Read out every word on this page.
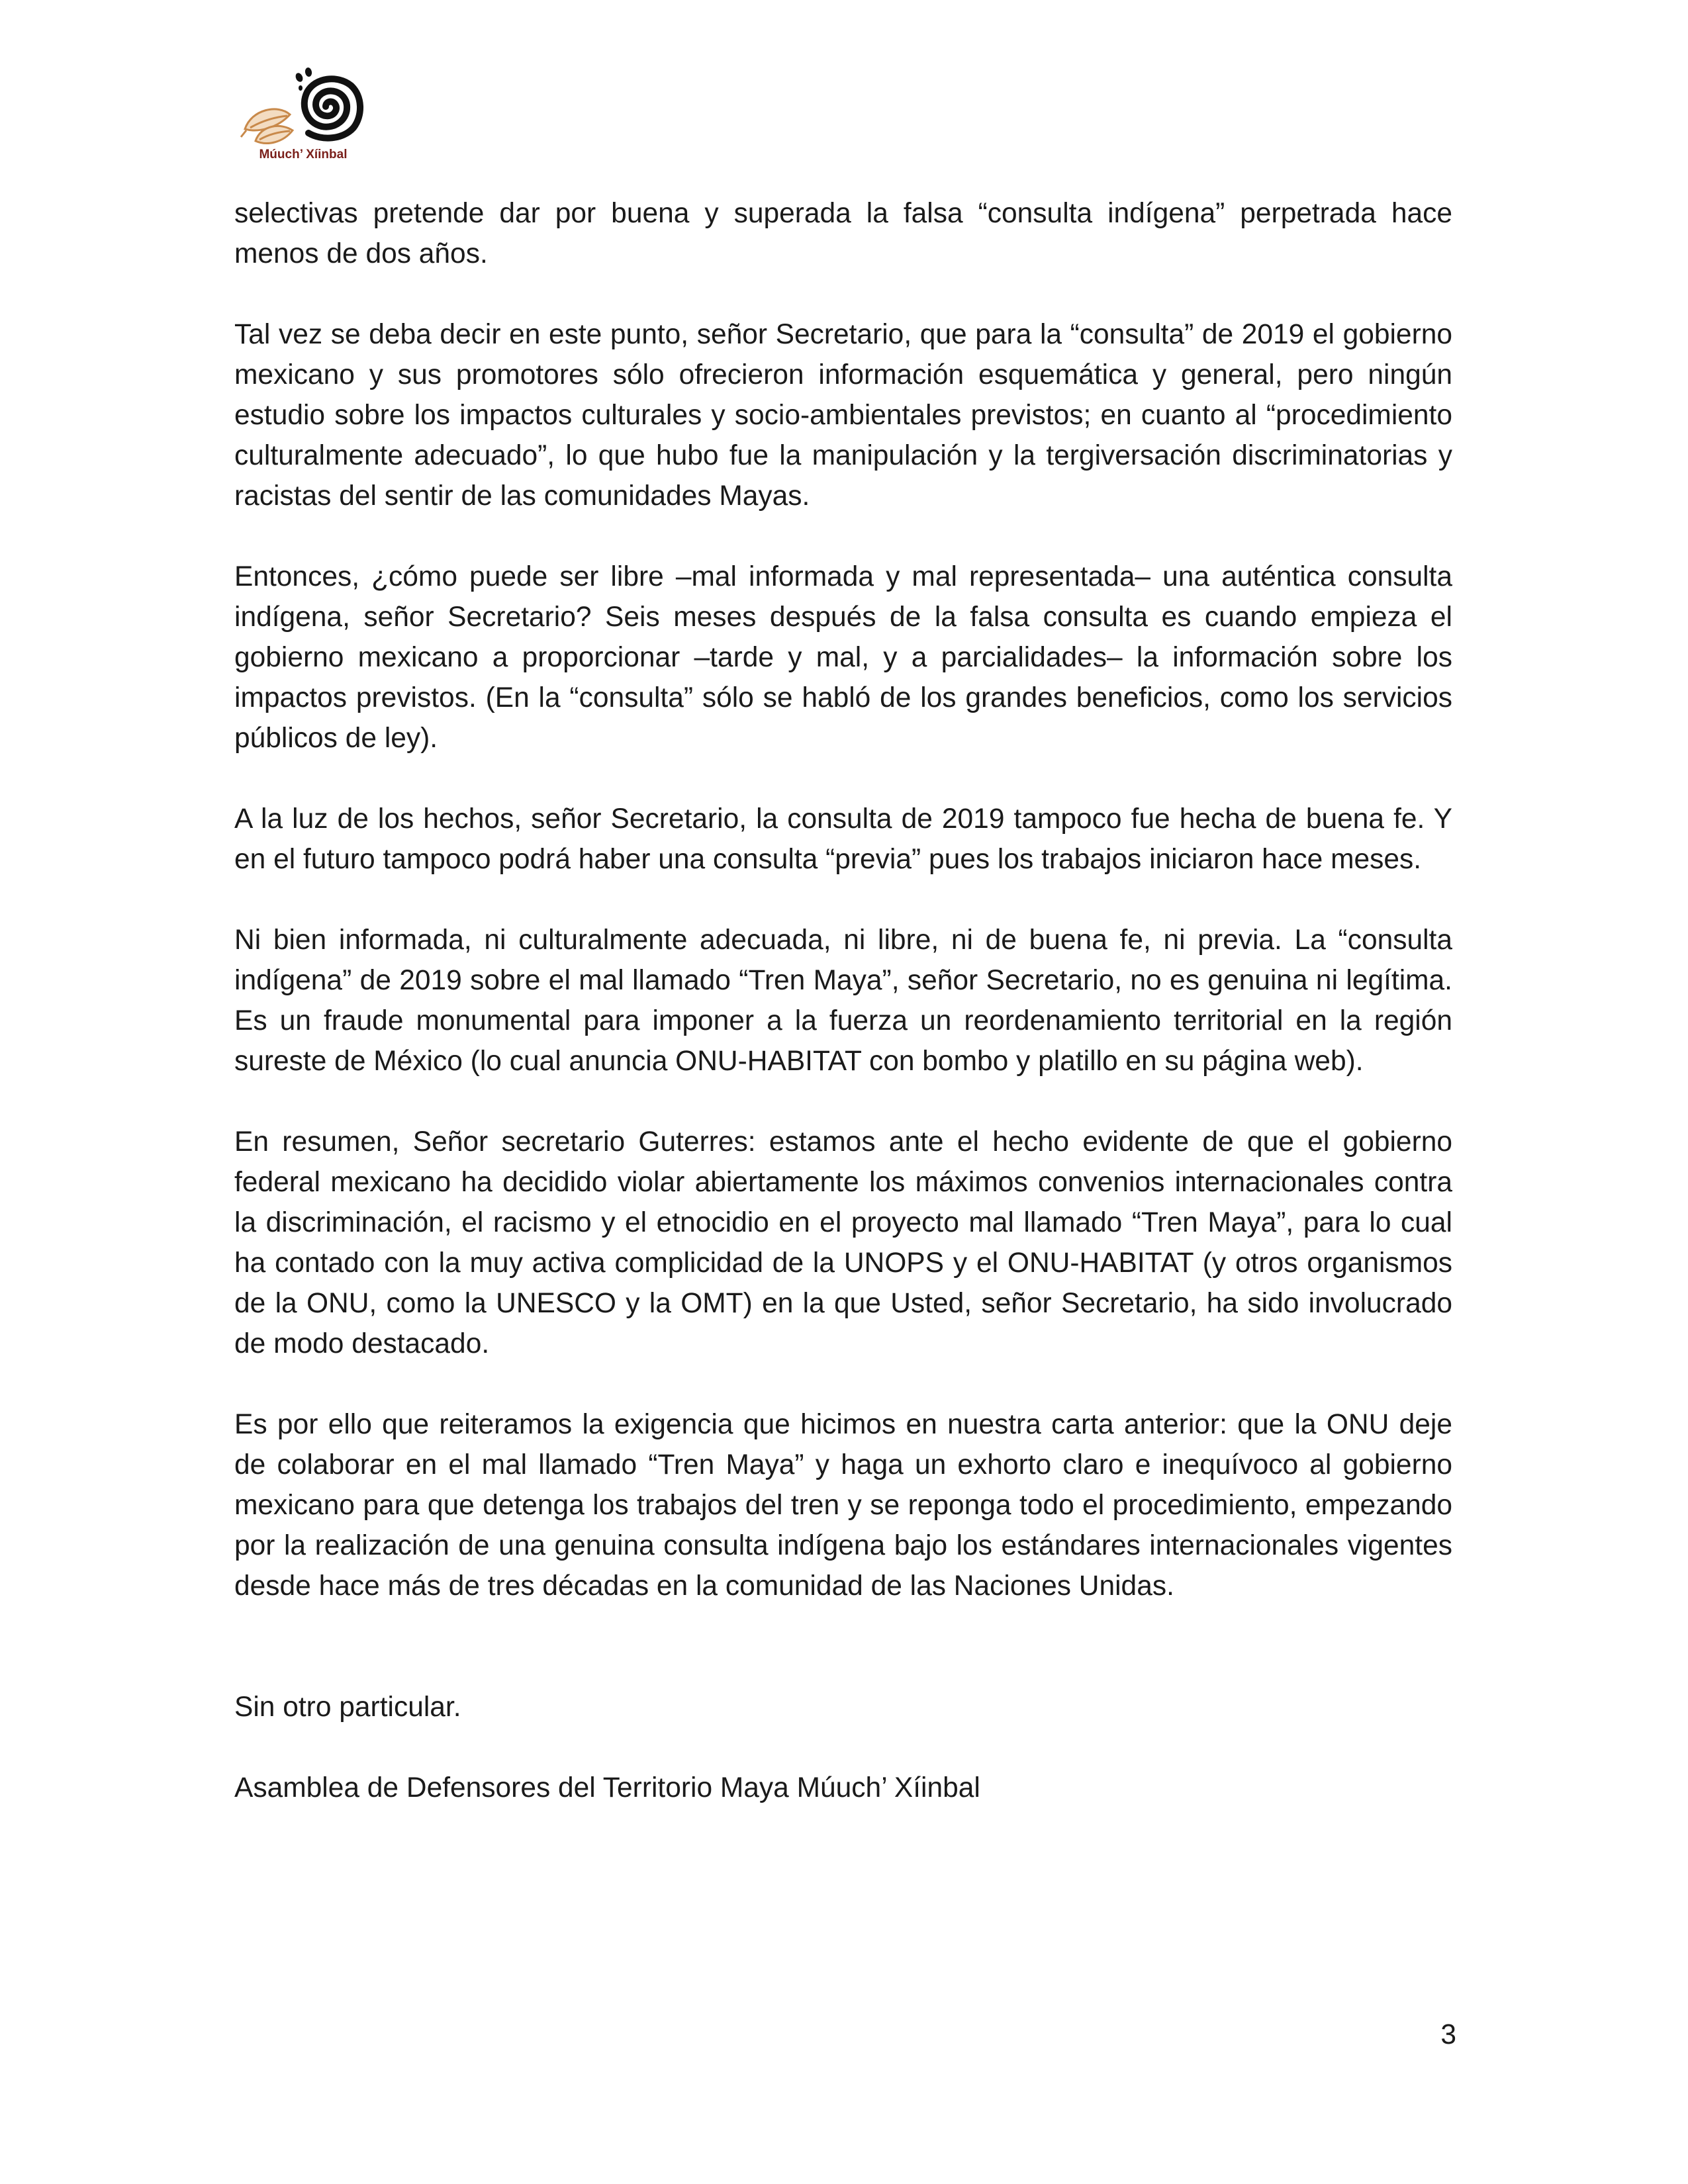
Múuch’ Xíinbal

selectivas pretende dar por buena y superada la falsa “consulta indígena” perpetrada hace menos de dos años.

Tal vez se deba decir en este punto, señor Secretario, que para la “consulta” de 2019 el gobierno mexicano y sus promotores sólo ofrecieron información esquemática y general, pero ningún estudio sobre los impactos culturales y socio-ambientales previstos; en cuanto al “procedimiento culturalmente adecuado”, lo que hubo fue la manipulación y la tergiversación discriminatorias y racistas del sentir de las comunidades Mayas.

Entonces, ¿cómo puede ser libre –mal informada y mal representada– una auténtica consulta indígena, señor Secretario? Seis meses después de la falsa consulta es cuando empieza el gobierno mexicano a proporcionar –tarde y mal, y a parcialidades– la información sobre los impactos previstos. (En la “consulta” sólo se habló de los grandes beneficios, como los servicios públicos de ley).

A la luz de los hechos, señor Secretario, la consulta de 2019 tampoco fue hecha de buena fe. Y en el futuro tampoco podrá haber una consulta “previa” pues los trabajos iniciaron hace meses.

Ni bien informada, ni culturalmente adecuada, ni libre, ni de buena fe, ni previa. La “consulta indígena” de 2019 sobre el mal llamado “Tren Maya”, señor Secretario, no es genuina ni legítima. Es un fraude monumental para imponer a la fuerza un reordenamiento territorial en la región sureste de México (lo cual anuncia ONU-HABITAT con bombo y platillo en su página web).

En resumen, Señor secretario Guterres: estamos ante el hecho evidente de que el gobierno federal mexicano ha decidido violar abiertamente los máximos convenios internacionales contra la discriminación, el racismo y el etnocidio en el proyecto mal llamado “Tren Maya”, para lo cual ha contado con la muy activa complicidad de la UNOPS y el ONU-HABITAT (y otros organismos de la ONU, como la UNESCO y la OMT) en la que Usted, señor Secretario, ha sido involucrado de modo destacado.

Es por ello que reiteramos la exigencia que hicimos en nuestra carta anterior: que la ONU deje de colaborar en el mal llamado “Tren Maya” y haga un exhorto claro e inequívoco al gobierno mexicano para que detenga los trabajos del tren y se reponga todo el procedimiento, empezando por la realización de una genuina consulta indígena bajo los estándares internacionales vigentes desde hace más de tres décadas en la comunidad de las Naciones Unidas.

Sin otro particular.

Asamblea de Defensores del Territorio Maya Múuch’ Xíinbal

3
